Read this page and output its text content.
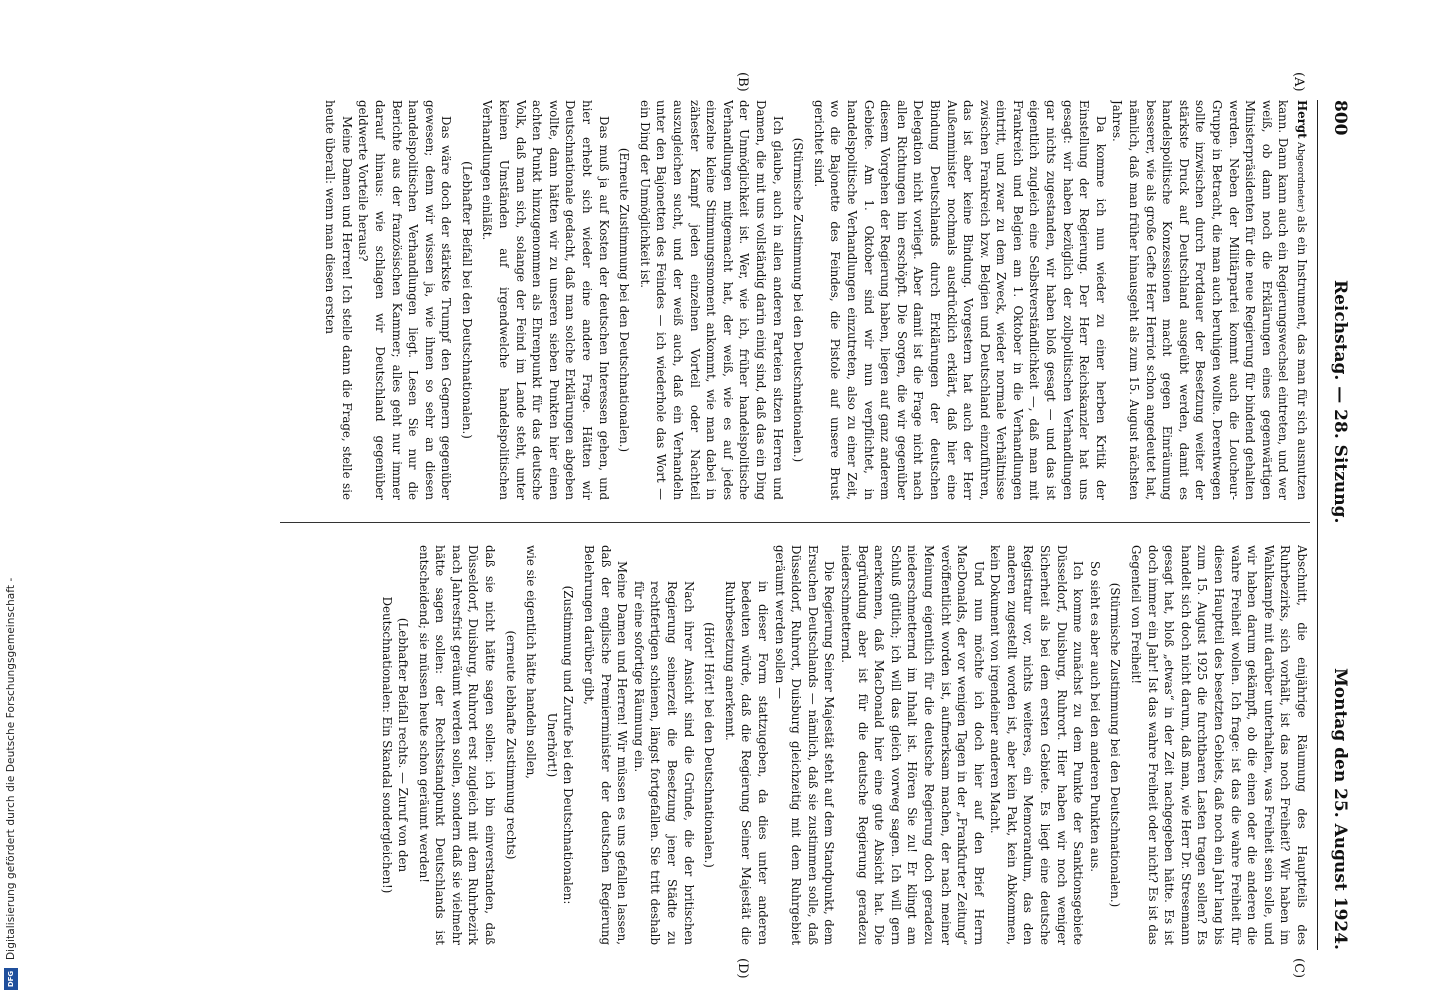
Digitalisierung gefördert durch die Deutsche Forschungsgemeinschaft -
DFG
800
Reichstag. — 28. Sitzung.
Montag den 25. August 1924.
(A)
(B)
(C)
(D)

Hergt Abgeordneter) als ein Instrument, das man für sich ausnutzen kann. Dann kann auch ein Regierungswechsel eintreten, und wer weiß, ob dann noch die Erklärungen eines gegenwärtigen Ministerpräsidenten für die neue Regierung für bindend gehalten werden. Neben der Militärpartei kommt auch die Loucheur-Gruppe in Betracht, die man auch beruhigen wollte. Derentwegen sollte inzwischen durch Fortdauer der Besetzung weiter der stärkste Druck auf Deutschland ausgeübt werden, damit es handelspolitische Konzessionen macht gegen Einräumung besserer, wie als große Gefte Herr Herriot schon angedeutet hat, nämlich, daß man früher hinausgeht als zum 15. August nächsten Jahres.

Da komme ich nun wieder zu einer herben Kritik der Einstellung der Regierung. Der Herr Reichskanzler hat uns gesagt: wir haben bezüglich der zollpolitischen Verhandlungen gar nichts zugestanden, wir haben bloß gesagt — und das ist eigentlich zugleich eine Selbstverständlichkeit —, daß man mit Frankreich und Belgien am 1. Oktober in die Verhandlungen eintritt, und zwar zu dem Zweck, wieder normale Verhältnisse zwischen Frankreich bzw. Belgien und Deutschland einzuführen, das ist aber keine Bindung. Vorgestern hat auch der Herr Außenminister nochmals ausdrücklich erklärt, daß hier eine Bindung Deutschlands durch Erklärungen der deutschen Delegation nicht vorliegt. Aber damit ist die Frage nicht nach allen Richtungen hin erschöpft. Die Sorgen, die wir gegenüber diesem Vorgehen der Regierung haben, liegen auf ganz anderem Gebiete. Am 1. Oktober sind wir nun verpflichtet, in handelspolitische Verhandlungen einzutreten, also zu einer Zeit, wo die Bajonette des Feindes, die Pistole auf unsere Brust gerichtet sind.

(Stürmische Zustimmung bei den Deutschnationalen.)

Ich glaube, auch in allen anderen Parteien sitzen Herren und Damen, die mit uns vollständig darin einig sind, daß das ein Ding der Unmöglichkeit ist. Wer, wie ich, früher handelspolitische Verhandlungen mitgemacht hat, der weiß, wie es auf jedes einzelne kleine Stimmungsmoment ankommt, wie man dabei in zähester Kampf jeden einzelnen Vorteil oder Nachteil auszugleichen sucht, und der weiß auch, daß ein Verhandeln unter den Bajonetten des Feindes — ich wiederhole das Wort — ein Ding der Unmöglichkeit ist.

(Erneute Zustimmung bei den Deutschnationalen.)

Das muß ja auf Kosten der deutschen Interessen gehen, und hier erhebt sich wieder eine andere Frage. Hätten wir Deutschnationale gedacht, daß man solche Erklärungen abgeben wollte, dann hätten wir zu unseren sieben Punkten hier einen achten Punkt hinzugenommen als Ehrenpunkt für das deutsche Volk, daß man sich, solange der Feind im Lande steht, unter keinen Umständen auf irgendwelche handelspolitischen Verhandlungen einläßt.

(Lebhafter Beifall bei den Deutschnationalen.)

Das wäre doch der stärkste Trumpf den Gegnern gegenüber gewesen; denn wir wissen ja, wie ihnen so sehr an diesen handelspolitischen Verhandlungen liegt. Lesen Sie nur die Berichte aus der französischen Kammer; alles geht nur immer darauf hinaus: wie schlagen wir Deutschland gegenüber geldwerte Vorteile heraus?

Meine Damen und Herren! Ich stelle dann die Frage, stelle sie heute überall: wenn man diesen ersten

Abschnitt, die einjährige Räumung des Hauptteils des Ruhrbezirks, sich vorhält, ist das noch Freiheit? Wir haben im Wahlkampfe mit darüber unterhalten, was Freiheit sein solle, und wir haben darum gekämpft, ob die einen oder die anderen die wahre Freiheit wollen. Ich frage: ist das die wahre Freiheit für diesen Hauptteil des besetzten Gebiets, daß noch ein Jahr lang bis zum 15. August 1925 die furchtbaren Lasten tragen sollen? Es handelt sich doch nicht darum, daß man, wie Herr Dr. Stresemann gesagt hat, bloß „etwas“ in der Zeit nachgegeben hätte. Es ist doch immer ein Jahr! Ist das wahre Freiheit oder nicht? Es ist das Gegenteil von Freiheit!

(Stürmische Zustimmung bei den Deutschnationalen.)

So sieht es aber auch bei den anderen Punkten aus.

Ich komme zunächst zu dem Punkte der Sanktionsgebiete Düsseldorf, Duisburg, Ruhrort. Hier haben wir noch weniger Sicherheit als bei dem ersten Gebiete. Es liegt eine deutsche Registratur vor, nichts weiteres, ein Memorandum, das den anderen zugestellt worden ist, aber kein Pakt, kein Abkommen, kein Dokument von irgendeiner anderen Macht.

Und nun möchte ich doch hier auf den Brief Herrn MacDonalds, der vor wenigen Tagen in der „Frankfurter Zeitung“ veröffentlicht worden ist, aufmerksam machen, der nach meiner Meinung eigentlich für die deutsche Regierung doch geradezu niederschmetternd im Inhalt ist. Hören Sie zu! Er klingt am Schluß gütlich; ich will das gleich vorweg sagen. Ich will gern anerkennen, daß MacDonald hier eine gute Absicht hat. Die Begründung aber ist für die deutsche Regierung geradezu niederschmetternd.

Die Regierung Seiner Majestät steht auf dem Standpunkt, dem Ersuchen Deutschlands — nämlich, daß sie zustimmen solle, daß Düsseldorf, Ruhrort, Duisburg gleichzeitig mit dem Ruhrgebiet geräumt werden sollen —

in dieser Form stattzugeben, da dies unter anderen bedeuten würde, daß die Regierung Seiner Majestät die Ruhrbesetzung anerkennt.

(Hört! Hört! bei den Deutschnationalen.)

Nach ihrer Ansicht sind die Gründe, die der britischen Regierung seinerzeit die Besetzung jener Städte zu rechtfertigen schienen, längst fortgefallen. Sie tritt deshalb für eine sofortige Räumung ein.

Meine Damen und Herren! Wir müssen es uns gefallen lassen, daß der englische Premierminister der deutschen Regierung Belehrungen darüber gibt,

(Zustimmung und Zurufe bei den Deutschnationalen: Unerhört!)

wie sie eigentlich hätte handeln sollen,

(erneute lebhafte Zustimmung rechts)

daß sie nicht hätte sagen sollen: ich bin einverstanden, daß Düsseldorf, Duisburg, Ruhrort erst zugleich mit dem Ruhrbezirk nach Jahresfrist geräumt werden sollen, sondern daß sie vielmehr hätte sagen sollen: der Rechtsstandpunkt Deutschlands ist entscheidend; sie müssen heute schon geräumt werden!

(Lebhafter Beifall rechts. — Zuruf von den Deutschnationalen: Ein Skandal sondergleichen!)
